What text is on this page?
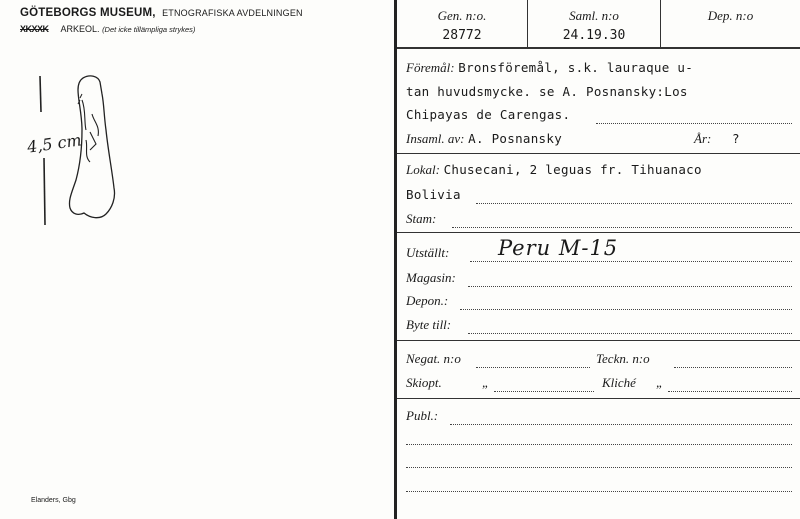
GÖTEBORGS MUSEUM, ETNOGRAFISKA AVDELNINGEN
XKXXK ARKEOL. (Det icke tillämpliga strykes)
4,5 cm
Elanders, Gbg
Gen. n:o.
28772
Saml. n:o
24.19.30
Dep. n:o
Föremål: Bronsföremål, s.k. lauraque u-
tan huvudsmycke. se A. Posnansky:Los
Chipayas de Carengas.
Insaml. av: A. Posnansky	År: ?
Lokal: Chusecani, 2 leguas fr. Tihuanaco
Bolivia
Stam:
Utställt: Peru M-15
Magasin:
Depon.:
Byte till:
Negat. n:o	Teckn. n:o
Skiopt.	„	Kliché „
Publ.:
